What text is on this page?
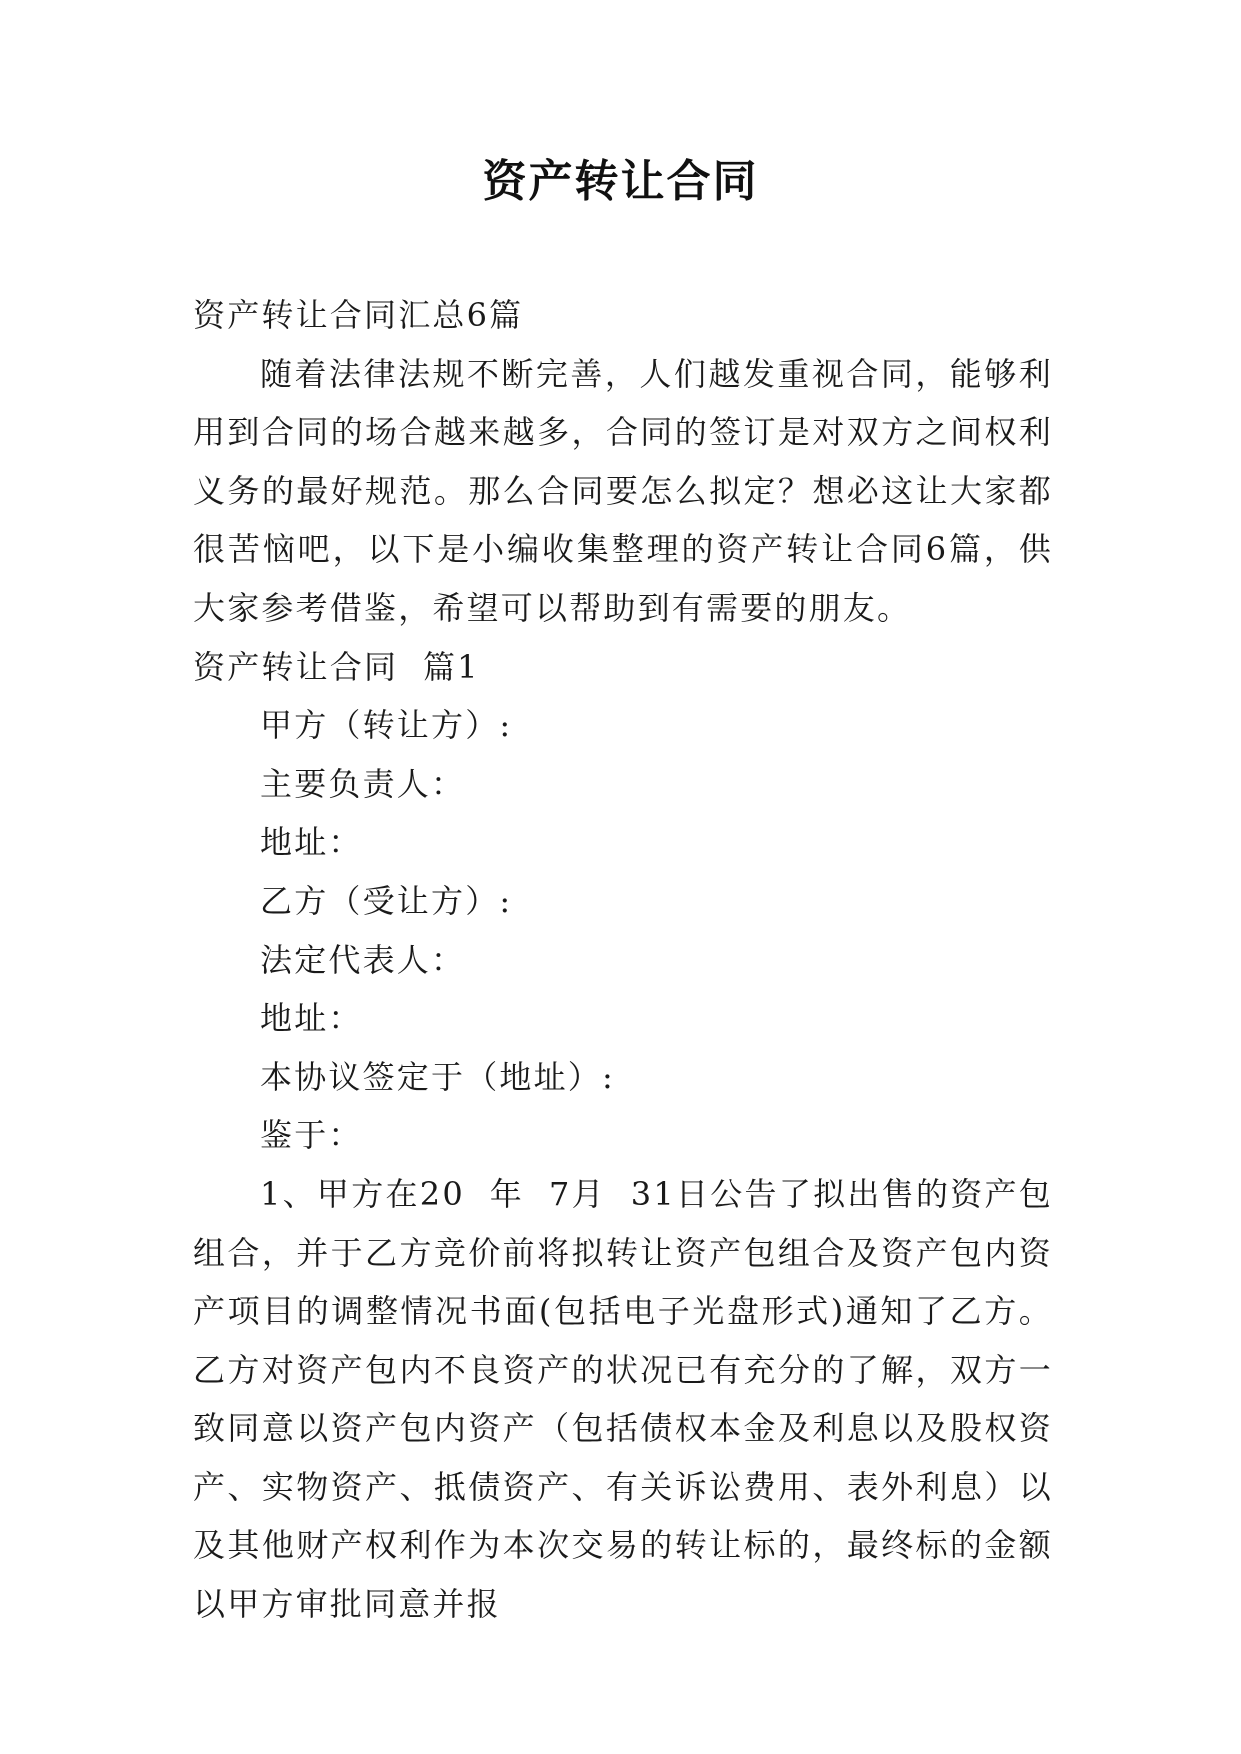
资产转让合同

资产转让合同汇总6篇

随着法律法规不断完善，人们越发重视合同，能够利用到合同的场合越来越多，合同的签订是对双方之间权利义务的最好规范。那么合同要怎么拟定？想必这让大家都很苦恼吧，以下是小编收集整理的资产转让合同6篇，供大家参考借鉴，希望可以帮助到有需要的朋友。

资产转让合同  篇1

甲方（转让方）:

主要负责人：

地址：

乙方（受让方）:

法定代表人：

地址：

本协议签定于（地址）:

鉴于：

1、甲方在20  年  7月  31日公告了拟出售的资产包组合，并于乙方竞价前将拟转让资产包组合及资产包内资产项目的调整情况书面(包括电子光盘形式)通知了乙方。乙方对资产包内不良资产的状况已有充分的了解，双方一致同意以资产包内资产（包括债权本金及利息以及股权资产、实物资产、抵债资产、有关诉讼费用、表外利息）以及其他财产权利作为本次交易的转让标的，最终标的金额以甲方审批同意并报
